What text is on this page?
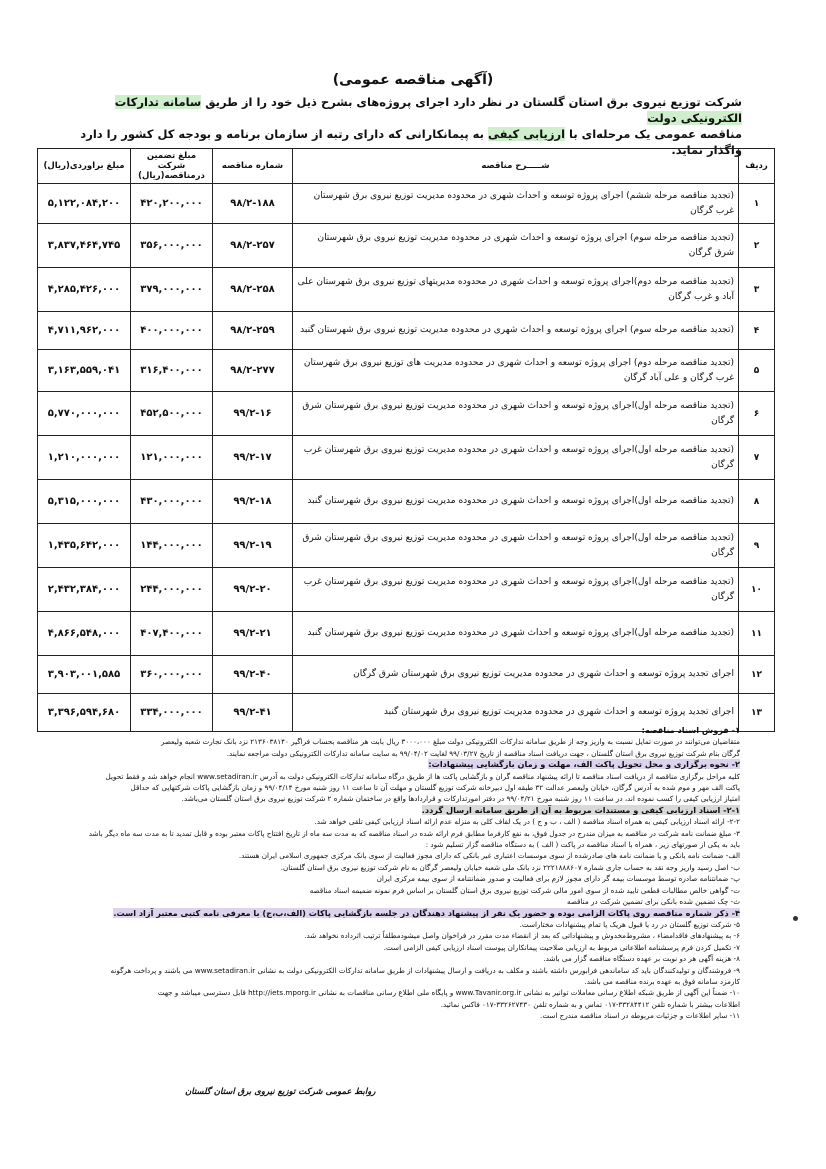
(آگهی مناقصه عمومی)
شرکت توزیع نیروی برق استان گلستان در نظر دارد اجرای پروژه‌های بشرح ذیل خود را از طریق سامانه تدارکات الکترونیکی دولت
مناقصه عمومی یک مرحله‌ای با ارزیابی کیفی به پیمانکارانی که دارای رتبه از سازمان برنامه و بودجه کل کشور را دارد واگذار نماید.
ردیف	شـــــرح مناقصه	شماره مناقصه	مبلغ تضمین شرکت درمناقصه(ریال)	مبلغ براوردی(ریال)
۱	(تجدید مناقصه مرحله ششم) اجرای پروژه توسعه و احداث شهری در محدوده مدیریت توزیع نیروی برق شهرستان غرب گرگان	۹۸/۲-۱۸۸	۴۲۰,۲۰۰,۰۰۰	۵,۱۲۲,۰۸۴,۲۰۰
۲	(تجدید مناقصه مرحله سوم) اجرای پروژه توسعه و احداث شهری در محدوده مدیریت توزیع نیروی برق شهرستان شرق گرگان	۹۸/۲-۲۵۷	۳۵۶,۰۰۰,۰۰۰	۳,۸۳۷,۴۶۴,۷۴۵
۳	(تجدید مناقصه مرحله دوم)اجرای پروژه توسعه و احداث شهری در محدوده مدیریتهای توزیع نیروی برق شهرستان علی آباد و غرب گرگان	۹۸/۲-۲۵۸	۳۷۹,۰۰۰,۰۰۰	۴,۲۸۵,۴۲۶,۰۰۰
۴	(تجدید مناقصه مرحله سوم) اجرای پروژه توسعه و احداث شهری در محدوده مدیریت توزیع نیروی برق شهرستان گنبد	۹۸/۲-۲۵۹	۴۰۰,۰۰۰,۰۰۰	۴,۷۱۱,۹۶۲,۰۰۰
۵	(تجدید مناقصه مرحله دوم) اجرای پروژه توسعه و احداث شهری در محدوده مدیریت های توزیع نیروی برق شهرستان غرب گرگان و علی آباد گرگان	۹۸/۲-۲۷۷	۳۱۶,۴۰۰,۰۰۰	۳,۱۶۳,۵۵۹,۰۴۱
۶	(تجدید مناقصه مرحله اول)اجرای پروژه توسعه و احداث شهری در محدوده مدیریت توزیع نیروی برق شهرستان شرق گرگان	۹۹/۲-۱۶	۴۵۲,۵۰۰,۰۰۰	۵,۷۷۰,۰۰۰,۰۰۰
۷	(تجدید مناقصه مرحله اول)اجرای پروژه توسعه و احداث شهری در محدوده مدیریت توزیع نیروی برق شهرستان غرب گرگان	۹۹/۲-۱۷	۱۲۱,۰۰۰,۰۰۰	۱,۲۱۰,۰۰۰,۰۰۰
۸	(تجدید مناقصه مرحله اول)اجرای پروژه توسعه و احداث شهری در محدوده مدیریت توزیع نیروی برق شهرستان گنبد	۹۹/۲-۱۸	۴۳۰,۰۰۰,۰۰۰	۵,۳۱۵,۰۰۰,۰۰۰
۹	(تجدید مناقصه مرحله اول)اجرای پروژه توسعه و احداث شهری در محدوده مدیریت توزیع نیروی برق شهرستان شرق گرگان	۹۹/۲-۱۹	۱۴۴,۰۰۰,۰۰۰	۱,۴۳۵,۶۴۲,۰۰۰
۱۰	(تجدید مناقصه مرحله اول)اجرای پروژه توسعه و احداث شهری در محدوده مدیریت توزیع نیروی برق شهرستان غرب گرگان	۹۹/۲-۲۰	۲۴۴,۰۰۰,۰۰۰	۲,۴۳۲,۳۸۴,۰۰۰
۱۱	(تجدید مناقصه مرحله اول)اجرای پروژه توسعه و احداث شهری در محدوده مدیریت توزیع نیروی برق شهرستان گنبد	۹۹/۲-۲۱	۴۰۷,۴۰۰,۰۰۰	۴,۸۶۶,۵۴۸,۰۰۰
۱۲	اجرای تجدید پروژه توسعه و احداث شهری در محدوده مدیریت توزیع نیروی برق شهرستان شرق گرگان	۹۹/۲-۴۰	۳۶۰,۰۰۰,۰۰۰	۳,۹۰۳,۰۰۱,۵۸۵
۱۳	اجرای تجدید پروژه توسعه و احداث شهری در محدوده مدیریت توزیع نیروی برق شهرستان گنبد	۹۹/۲-۴۱	۳۳۴,۰۰۰,۰۰۰	۳,۳۹۶,۵۹۴,۶۸۰
۱- فروش اسناد مناقصه:
متقاضیان می‌توانند در صورت تمایل نسبت به واریز وجه از طریق سامانه تدارکات الکترونیکی دولت مبلغ ۳۰۰۰،۰۰۰ ریال بابت هر مناقصه بحساب فراگیر ۲۱۳۶۰۳۸۱۴۰ نزد بانک تجارت شعبه ولیعصر
گرگان بنام شرکت توزیع نیروی برق استان گلستان ، جهت دریافت اسناد مناقصه از تاریخ ۹۹/۰۳/۲۷ لغایت ۹۹/۰۴/۰۲ به سایت سامانه تدارکات الکترونیکی دولت مراجعه نمایند.
۲- نحوه برگزاری و محل تحویل پاکت الف، مهلت و زمان بازگشایی پیشنهادات:
کلیه مراحل برگزاری مناقصه از دریافت اسناد مناقصه تا ارائه پیشنهاد مناقصه گران و بازگشایی پاکت ها از طریق درگاه سامانه تدارکات الکترونیکی دولت به آدرس www.setadiran.ir انجام خواهد شد و فقط تحویل
پاکت الف مهر و موم شده به آدرس گرگان، خیابان ولیعصر عدالت ۳۲ طبقه اول دبیرخانه شرکت توزیع گلستان و مهلت آن تا ساعت ۱۱ روز شنبه مورخ ۹۹/۰۴/۱۴ و زمان بازگشایی پاکات شرکتهایی که حداقل
امتیاز ارزیابی کیفی را کسب نموده اند، در ساعت ۱۱ روز شنبه مورخ ۹۹/۰۴/۲۱ در دفتر امورتدارکات و قراردادها واقع در ساختمان شماره ۲ شرکت توزیع نیروی برق استان گلستان می‌باشد.
۲-۱- اسناد ارزیابی کیفی و مستندات مربوط به آن از طریق سامانه ارسال گردد.
۲-۲- ارائه اسناد ارزیابی کیفی به همراه اسناد مناقصه ( الف ، ب و ج ) در یک لفاف کلی به منزله عدم ارائه اسناد ارزیابی کیفی تلقی خواهد شد.
۳- مبلغ ضمانت نامه شرکت در مناقصه به میزان مندرج در جدول فوق، به نفع کارفرما مطابق فرم ارائه شده در اسناد مناقصه که به مدت سه ماه از تاریخ افتتاح پاکات معتبر بوده و قابل تمدید تا به مدت سه ماه دیگر باشد
باید به یکی از صورتهای زیر ، همراه با اسناد مناقصه در پاکت ( الف ) به دستگاه مناقصه گزار تسلیم شود :
الف- ضمانت نامه بانکی و یا ضمانت نامه های صادرشده از سوی موسسات اعتباری غیر بانکی که دارای مجوز فعالیت از سوی بانک مرکزی جمهوری اسلامی ایران هستند.
ب- اصل رسید واریز وجه نقد به حساب جاری شماره ۲۲۲۱۸۸۸۶۰۷ نزد بانک ملی شعبه خیابان ولیعصر گرگان به نام شرکت توزیع نیروی برق استان گلستان.
پ- ضمانتنامه صادره توسط موسسات بیمه گر دارای مجوز لازم برای فعالیت و صدور ضمانتنامه از سوی بیمه مرکزی ایران
ت- گواهی خالص مطالبات قطعی تایید شده از سوی امور مالی شرکت توزیع نیروی برق استان گلستان بر اساس فرم نمونه ضمیمه اسناد مناقصه
ث- چک تضمین شده بانکی برای تضمین شرکت در مناقصه
۴- ذکر شماره مناقصه روی پاکات الزامی بوده و حضور یک نفر از پیشنهاد دهندگان در جلسه بازگشایی پاکات (الف،ب،ج) با معرفی نامه کتبی معتبر آزاد است.
۵- شرکت توزیع گلستان در رد یا قبول هریک یا تمام پیشنهادات مختاراست.
۶- به پیشنهادهای فاقدامضاء ، مشروط‌مخدوش و پیشنهاداتی که بعد از انقضاء مدت مقرر در فراخوان واصل میشودمطلقاً ترتیب اثرداده نخواهد شد.
۷- تکمیل کردن فرم پرسشنامه اطلاعاتی مربوط به ارزیابی صلاحیت پیمانکاران پیوست اسناد ارزیابی کیفی الزامی است.
۸- هزینه آگهی هر دو نوبت بر عهده دستگاه مناقصه گزار می باشد.
۹- فروشندگان و تولیدکنندگان باید کد ساماندهی فرابورس داشته باشند و مکلف به دریافت و ارسال پیشنهادات از طریق سامانه تدارکات الکترونیکی دولت به نشانی www.setadiran.ir می باشند و پرداخت هرگونه
کارمزد سامانه فوق به عهده برنده مناقصه می باشد.
۱۰- ضمناً این آگهی از طریق شبکه اطلاع رسانی معاملات توانیر به نشانی www.Tavanir.org.ir و پایگاه ملی اطلاع رسانی مناقصات به نشانی http://iets.mporg.ir قابل دسترسی میباشد و جهت
اطلاعات بیشتر با شماره تلفن ۳۳۲۸۴۴۱۲-۰۱۷ تماس و به شماره تلفن ۳۳۲۶۲۷۴۳۰-۰۱۷ فاکس نمائید.
۱۱- سایر اطلاعات و جزئیات مربوطه در اسناد مناقصه مندرج است.
روابط عمومی شرکت توزیع نیروی برق استان گلستان
